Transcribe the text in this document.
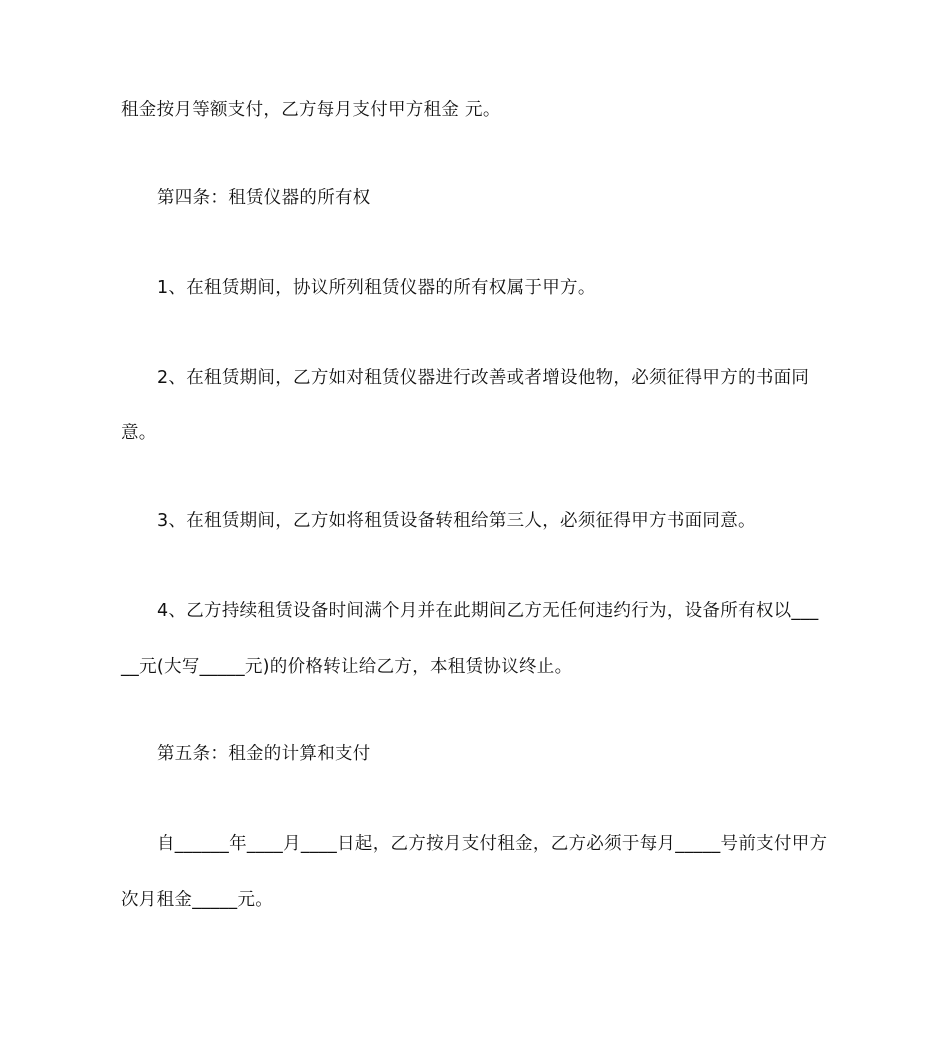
租金按月等额支付，乙方每月支付甲方租金 元。
第四条：租赁仪器的所有权
1、在租赁期间，协议所列租赁仪器的所有权属于甲方。
2、在租赁期间，乙方如对租赁仪器进行改善或者增设他物，必须征得甲方的书面同
意。
3、在租赁期间，乙方如将租赁设备转租给第三人，必须征得甲方书面同意。
4、乙方持续租赁设备时间满个月并在此期间乙方无任何违约行为，设备所有权以___
__元(大写_____元)的价格转让给乙方，本租赁协议终止。
第五条：租金的计算和支付
自______年____月____日起，乙方按月支付租金，乙方必须于每月_____号前支付甲方
次月租金_____元。
